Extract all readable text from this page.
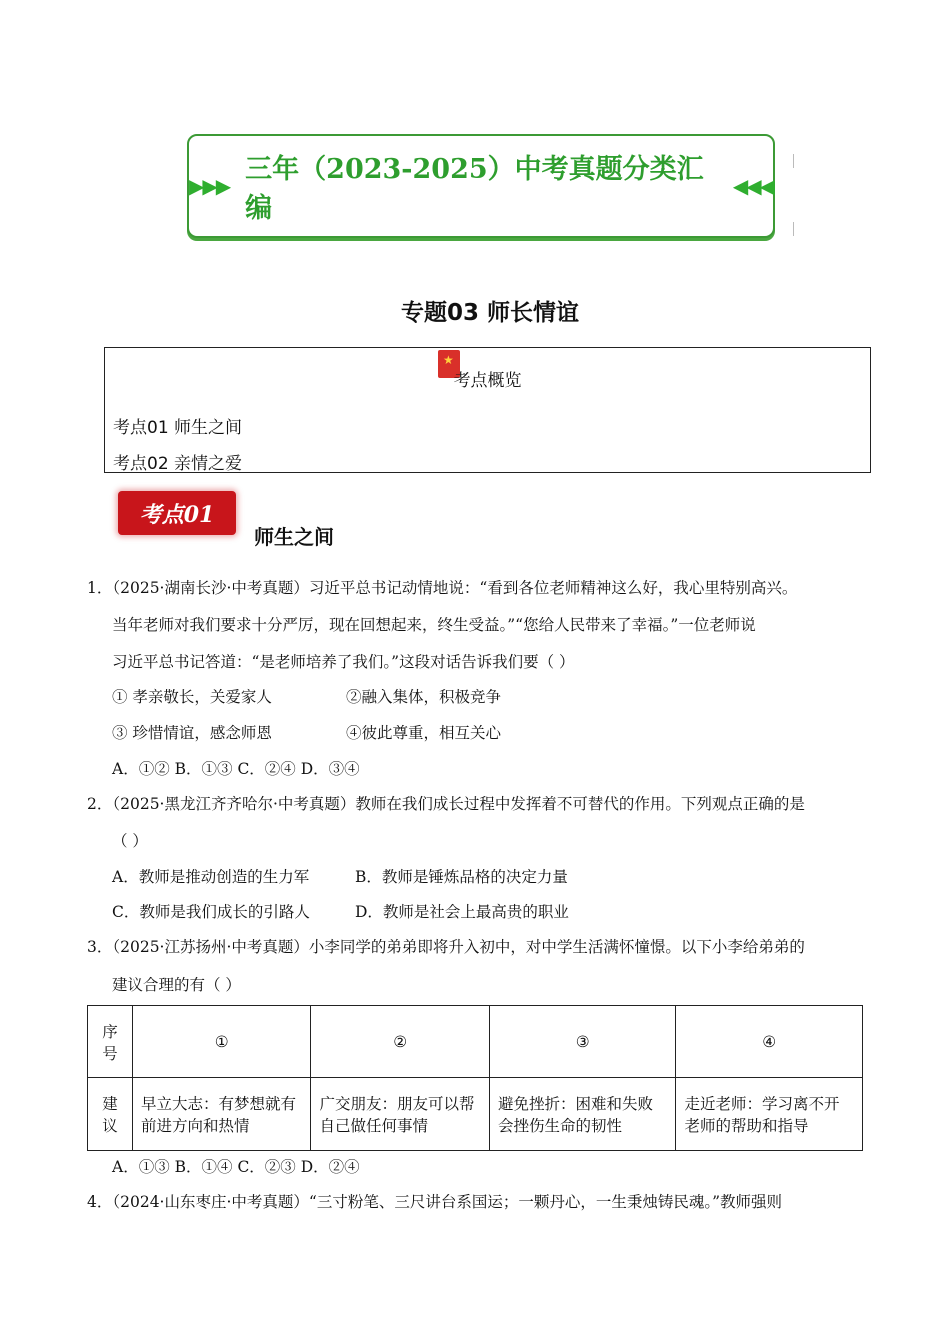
▶▶▶
三年（2023-2025）中考真题分类汇编
◀◀◀
专题03 师长情谊
★
考点概览
考点01 师生之间
考点02 亲情之爱
考点01
师生之间
1．（2025·湖南长沙·中考真题）习近平总书记动情地说：“看到各位老师精神这么好，我心里特别高兴。
当年老师对我们要求十分严厉，现在回想起来，终生受益。”“您给人民带来了幸福。”一位老师说
习近平总书记答道：“是老师培养了我们。”这段对话告诉我们要（ ）
① 孝亲敬长，关爱家人	②融入集体，积极竞争
③ 珍惜情谊，感念师恩	④彼此尊重，相互关心
A．①② B．①③ C．②④ D．③④
2．（2025·黑龙江齐齐哈尔·中考真题）教师在我们成长过程中发挥着不可替代的作用。下列观点正确的是
（ ）
A．教师是推动创造的生力军	B．教师是锤炼品格的决定力量
C．教师是我们成长的引路人	D．教师是社会上最高贵的职业
3．（2025·江苏扬州·中考真题）小李同学的弟弟即将升入初中，对中学生活满怀憧憬。以下小李给弟弟的
建议合理的有（ ）
序号	①	②	③	④
建议	早立大志：有梦想就有前进方向和热情	广交朋友：朋友可以帮自己做任何事情	避免挫折：困难和失败会挫伤生命的韧性	走近老师：学习离不开老师的帮助和指导
A．①③ B．①④ C．②③ D．②④
4．（2024·山东枣庄·中考真题）“三寸粉笔、三尺讲台系国运；一颗丹心，一生秉烛铸民魂。”教师强则
